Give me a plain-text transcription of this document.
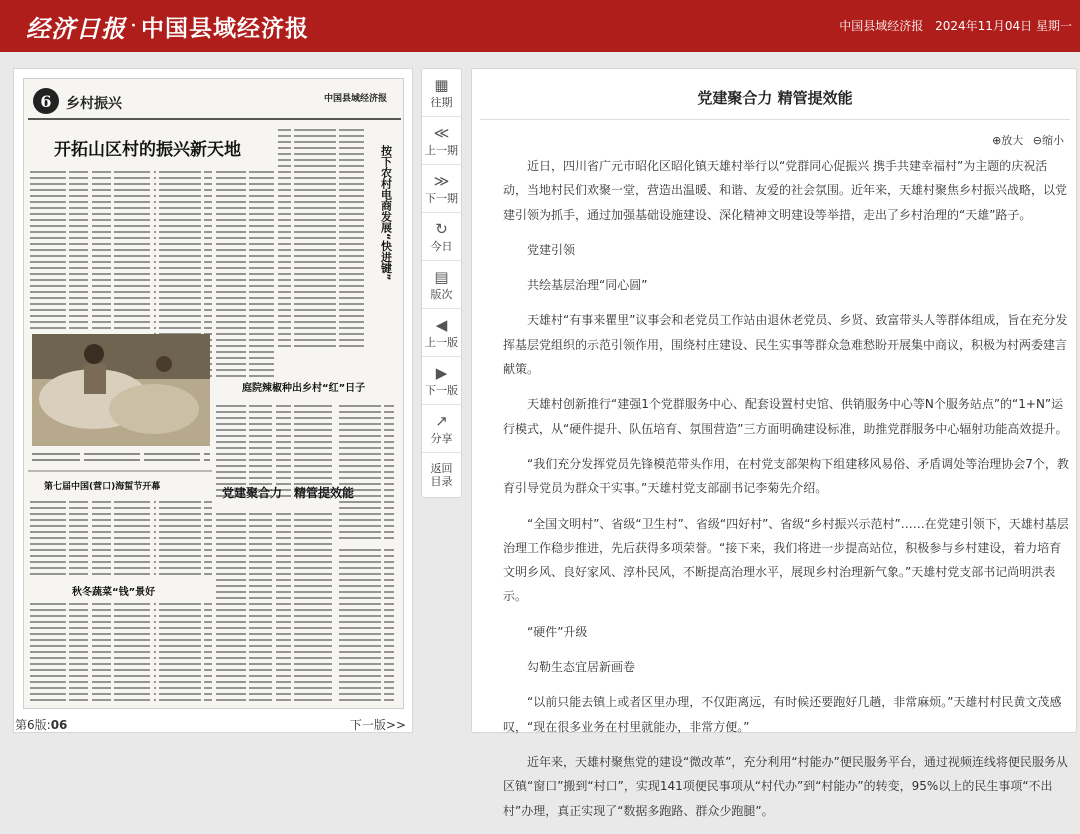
经济日报 · 中国县域经济报	中国县域经济报 2024年11月04日 星期一
6 乡村振兴	中国县域经济报
开拓山区村的振兴新天地	按下农村电商发展“快进键”
庭院辣椒种出乡村“红”日子
第七届中国(营口)海蜇节开幕	党建聚合力　精管提效能
秋冬蔬菜“钱”景好
第6版:06	下一版>>
▦
往期
≪
上一期
≫
下一期
↻
今日
▤
版次
◀
上一版
▶
下一版
↗
分享
返回
目录
党建聚合力 精管提效能
⊕放大 ⊖缩小

近日，四川省广元市昭化区昭化镇天雄村举行以“党群同心促振兴 携手共建幸福村”为主题的庆祝活动，当地村民们欢聚一堂，营造出温暖、和谐、友爱的社会氛围。近年来，天雄村聚焦乡村振兴战略，以党建引领为抓手，通过加强基础设施建设、深化精神文明建设等举措，走出了乡村治理的“天雄”路子。

党建引领

共绘基层治理“同心圆”

天雄村“有事来瞿里”议事会和老党员工作站由退休老党员、乡贤、致富带头人等群体组成，旨在充分发挥基层党组织的示范引领作用，围绕村庄建设、民生实事等群众急难愁盼开展集中商议，积极为村两委建言献策。

天雄村创新推行“建强1个党群服务中心、配套设置村史馆、供销服务中心等N个服务站点”的“1+N”运行模式，从“硬件提升、队伍培育、氛围营造”三方面明确建设标准，助推党群服务中心辐射功能高效提升。

“我们充分发挥党员先锋模范带头作用，在村党支部架构下组建移风易俗、矛盾调处等治理协会7个，教育引导党员为群众干实事。”天雄村党支部副书记李菊先介绍。

“全国文明村”、省级“卫生村”、省级“四好村”、省级“乡村振兴示范村”……在党建引领下，天雄村基层治理工作稳步推进，先后获得多项荣誉。“接下来，我们将进一步提高站位，积极参与乡村建设，着力培育文明乡风、良好家风、淳朴民风，不断提高治理水平，展现乡村治理新气象。”天雄村党支部书记尚明洪表示。

“硬件”升级

勾勒生态宜居新画卷

“以前只能去镇上或者区里办理，不仅距离远，有时候还要跑好几趟，非常麻烦。”天雄村村民黄文茂感叹，“现在很多业务在村里就能办，非常方便。”

近年来，天雄村聚焦党的建设“微改革”，充分利用“村能办”便民服务平台，通过视频连线将便民服务从区镇“窗口”搬到“村口”，实现141项便民事项从“村代办”到“村能办”的转变，95%以上的民生事项“不出村”办理，真正实现了“数据多跑路、群众少跑腿”。
